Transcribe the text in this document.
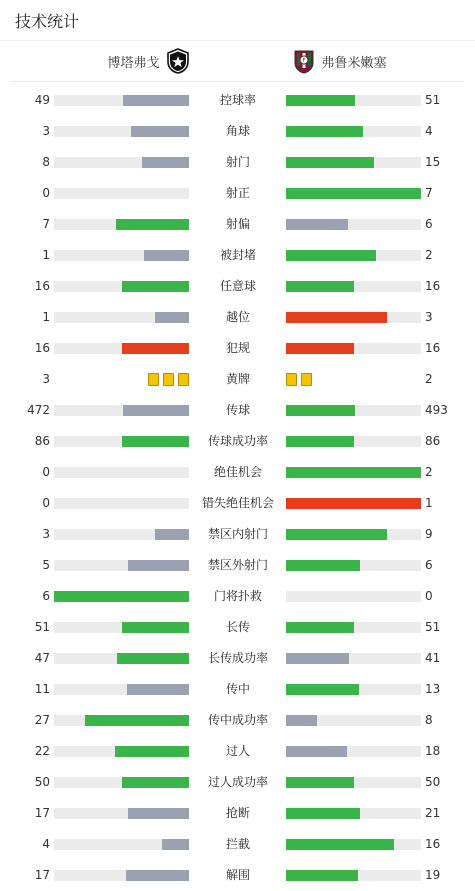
技术统计
博塔弗戈	F 弗鲁米嫩塞
49	控球率	51
3	角球	4
8	射门	15
0	射正	7
7	射偏	6
1	被封堵	2
16	任意球	16
1	越位	3
16	犯规	16
3	黄牌	2
472	传球	493
86	传球成功率	86
0	绝佳机会	2
0	错失绝佳机会	1
3	禁区内射门	9
5	禁区外射门	6
6	门将扑救	0
51	长传	51
47	长传成功率	41
11	传中	13
27	传中成功率	8
22	过人	18
50	过人成功率	50
17	抢断	21
4	拦截	16
17	解围	19
